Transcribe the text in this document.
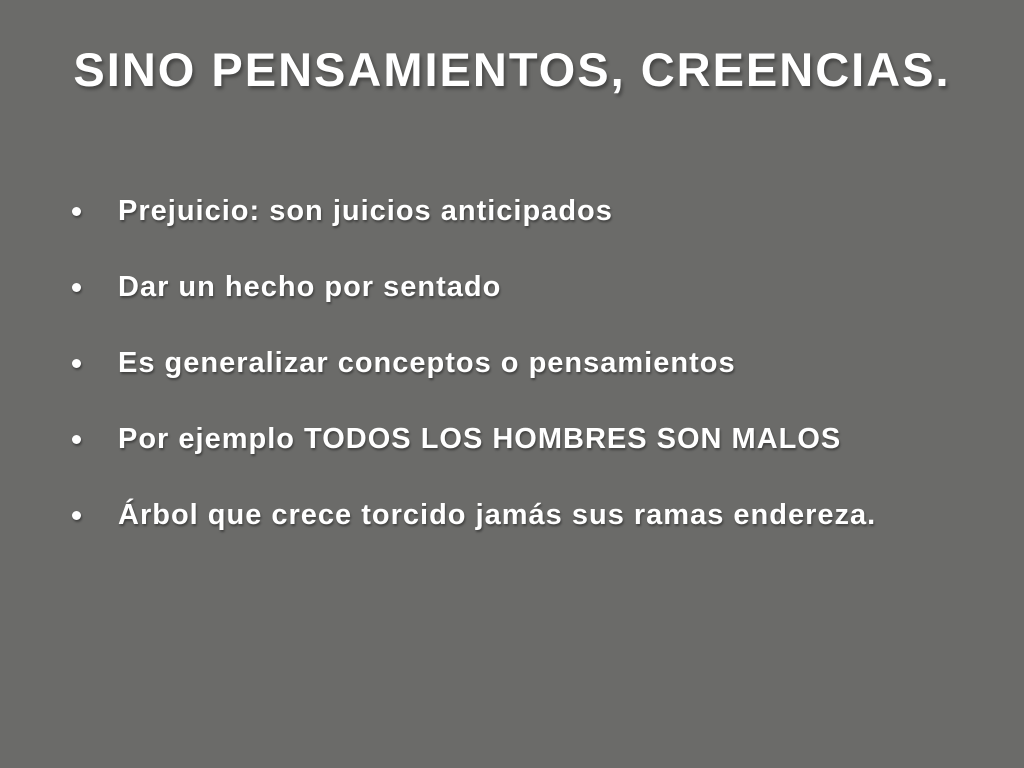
SINO PENSAMIENTOS, CREENCIAS.
Prejuicio: son juicios anticipados
Dar un hecho por sentado
Es generalizar conceptos o pensamientos
Por ejemplo TODOS LOS HOMBRES SON MALOS
Árbol que crece torcido jamás sus ramas endereza.
